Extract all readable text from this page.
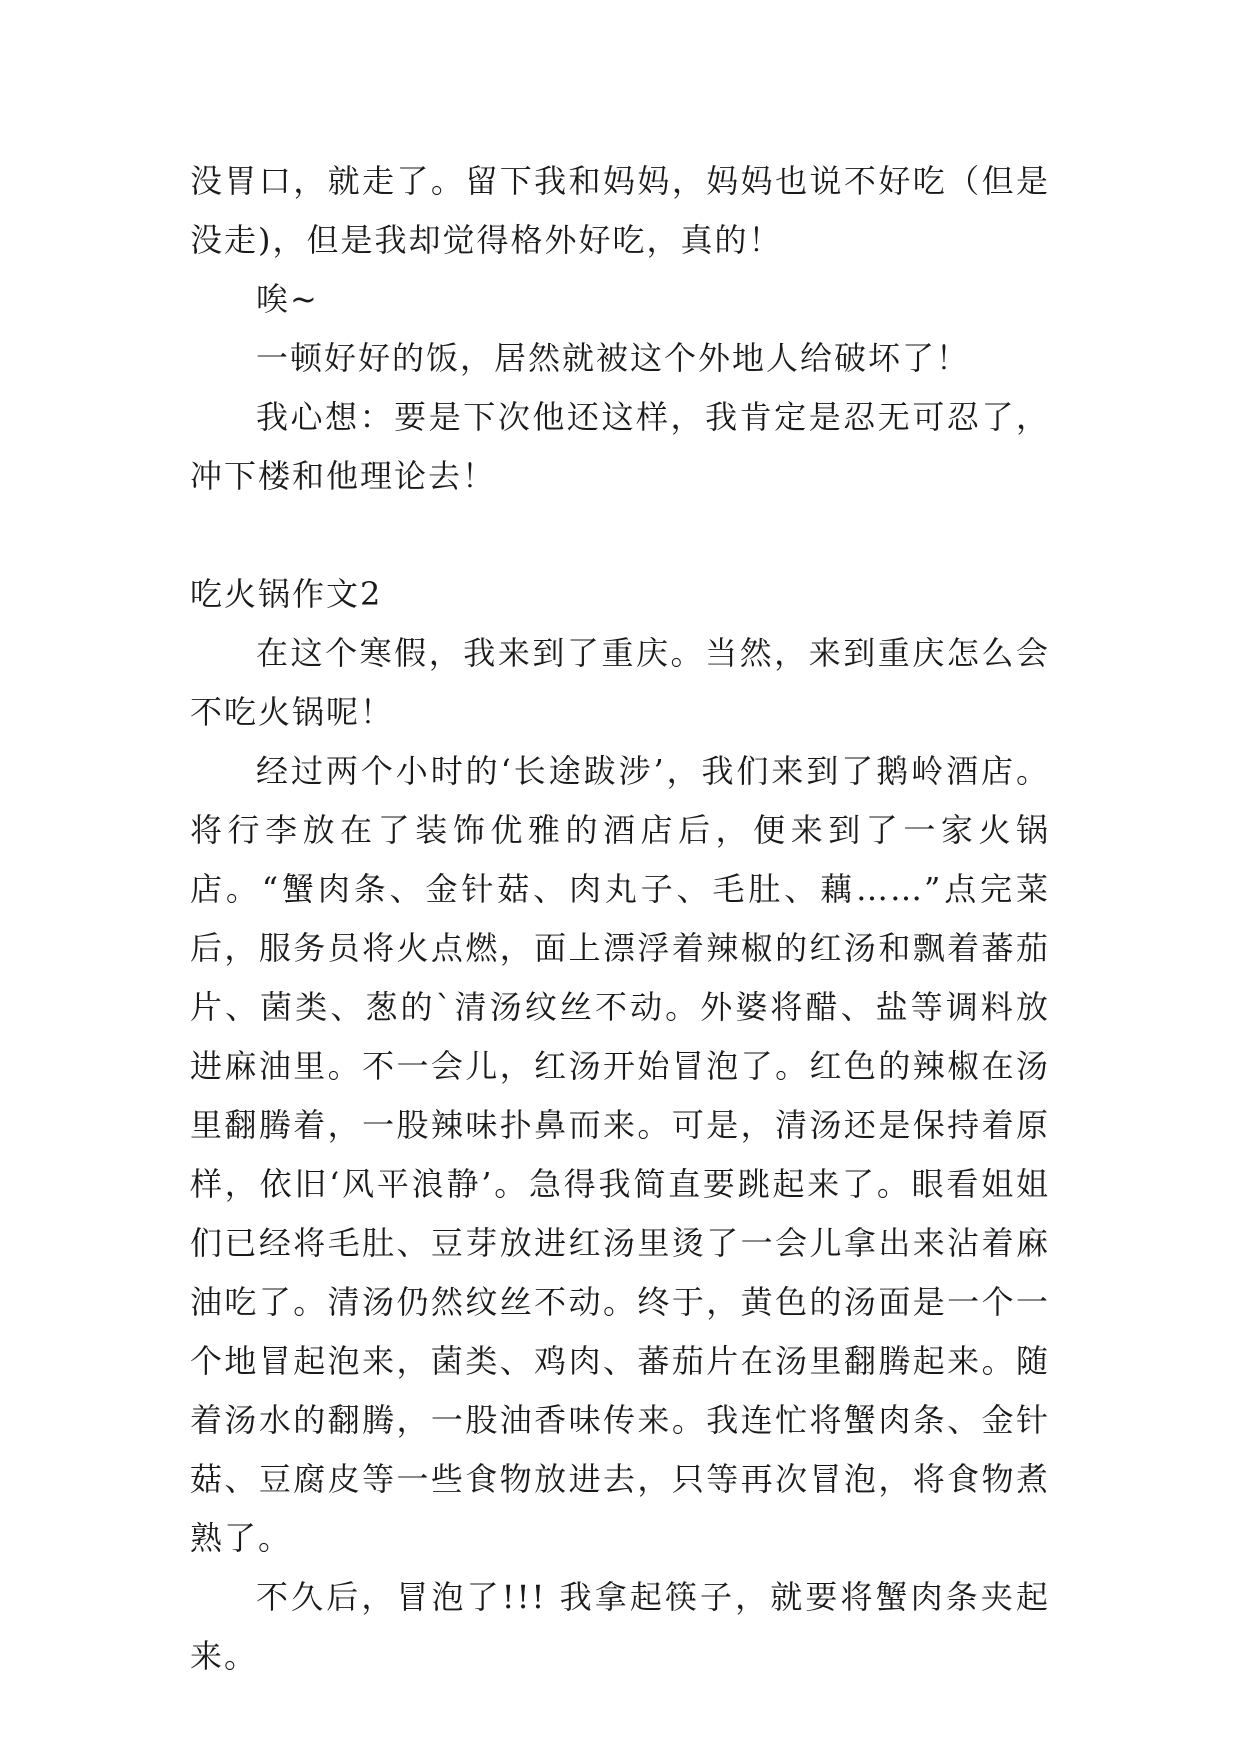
没胃口，就走了。留下我和妈妈，妈妈也说不好吃（但是没走)，但是我却觉得格外好吃，真的！

唉~

一顿好好的饭，居然就被这个外地人给破坏了！

我心想：要是下次他还这样，我肯定是忍无可忍了，冲下楼和他理论去！

吃火锅作文2

在这个寒假，我来到了重庆。当然，来到重庆怎么会不吃火锅呢！

经过两个小时的‘长途跋涉’，我们来到了鹅岭酒店。将行李放在了装饰优雅的酒店后，便来到了一家火锅店。“蟹肉条、金针菇、肉丸子、毛肚、藕……”点完菜后，服务员将火点燃，面上漂浮着辣椒的红汤和飘着蕃茄片、菌类、葱的`清汤纹丝不动。外婆将醋、盐等调料放进麻油里。不一会儿，红汤开始冒泡了。红色的辣椒在汤里翻腾着，一股辣味扑鼻而来。可是，清汤还是保持着原样，依旧‘风平浪静’。急得我简直要跳起来了。眼看姐姐们已经将毛肚、豆芽放进红汤里烫了一会儿拿出来沾着麻油吃了。清汤仍然纹丝不动。终于，黄色的汤面是一个一个地冒起泡来，菌类、鸡肉、蕃茄片在汤里翻腾起来。随着汤水的翻腾，一股油香味传来。我连忙将蟹肉条、金针菇、豆腐皮等一些食物放进去，只等再次冒泡，将食物煮熟了。

不久后，冒泡了!!! 我拿起筷子，就要将蟹肉条夹起来。
